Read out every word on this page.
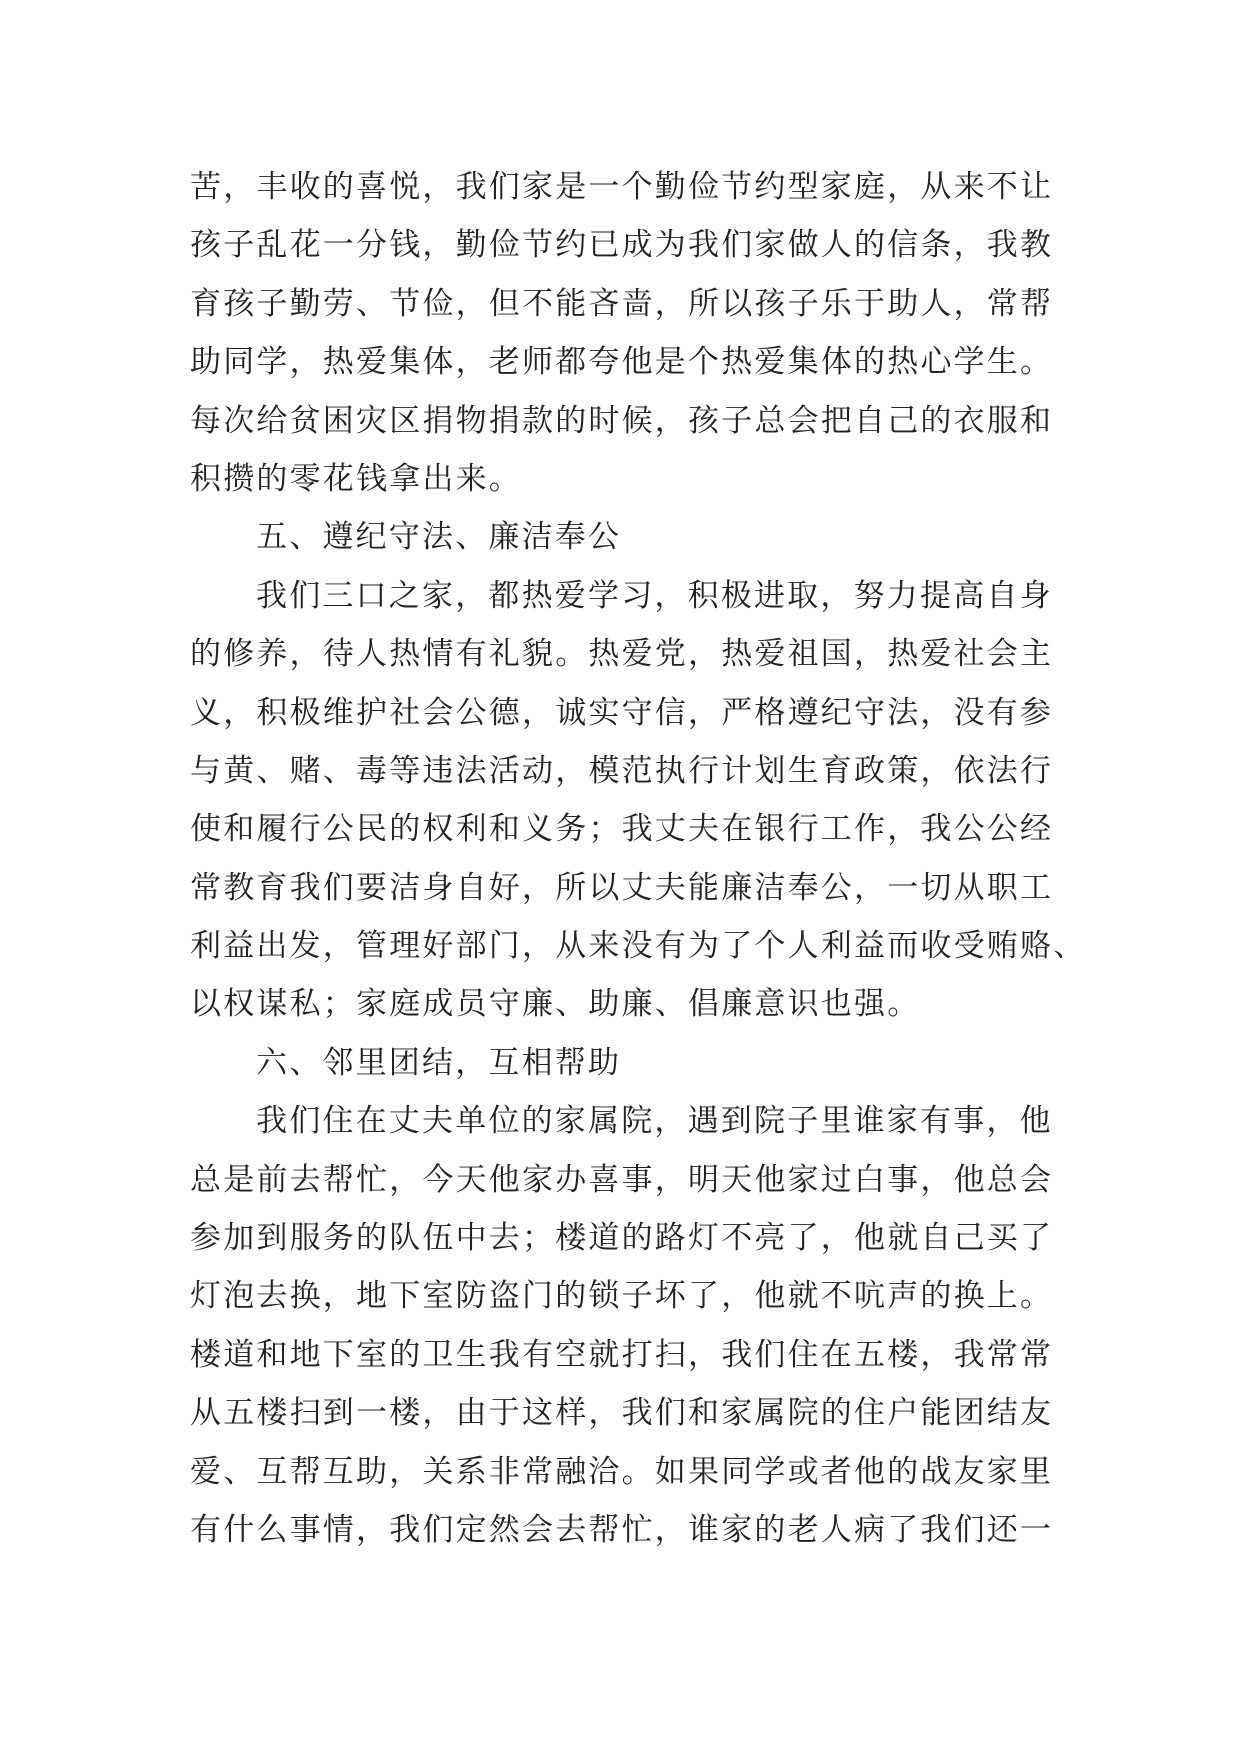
苦，丰收的喜悦，我们家是一个勤俭节约型家庭，从来不让
孩子乱花一分钱，勤俭节约已成为我们家做人的信条，我教
育孩子勤劳、节俭，但不能吝啬，所以孩子乐于助人，常帮
助同学，热爱集体，老师都夸他是个热爱集体的热心学生。
每次给贫困灾区捐物捐款的时候，孩子总会把自己的衣服和
积攒的零花钱拿出来。
五、遵纪守法、廉洁奉公
我们三口之家，都热爱学习，积极进取，努力提高自身
的修养，待人热情有礼貌。热爱党，热爱祖国，热爱社会主
义，积极维护社会公德，诚实守信，严格遵纪守法，没有参
与黄、赌、毒等违法活动，模范执行计划生育政策，依法行
使和履行公民的权利和义务；我丈夫在银行工作，我公公经
常教育我们要洁身自好，所以丈夫能廉洁奉公，一切从职工
利益出发，管理好部门，从来没有为了个人利益而收受贿赂、
以权谋私；家庭成员守廉、助廉、倡廉意识也强。
六、邻里团结，互相帮助
我们住在丈夫单位的家属院，遇到院子里谁家有事，他
总是前去帮忙，今天他家办喜事，明天他家过白事，他总会
参加到服务的队伍中去；楼道的路灯不亮了，他就自己买了
灯泡去换，地下室防盗门的锁子坏了，他就不吭声的换上。
楼道和地下室的卫生我有空就打扫，我们住在五楼，我常常
从五楼扫到一楼，由于这样，我们和家属院的住户能团结友
爱、互帮互助，关系非常融洽。如果同学或者他的战友家里
有什么事情，我们定然会去帮忙，谁家的老人病了我们还一
